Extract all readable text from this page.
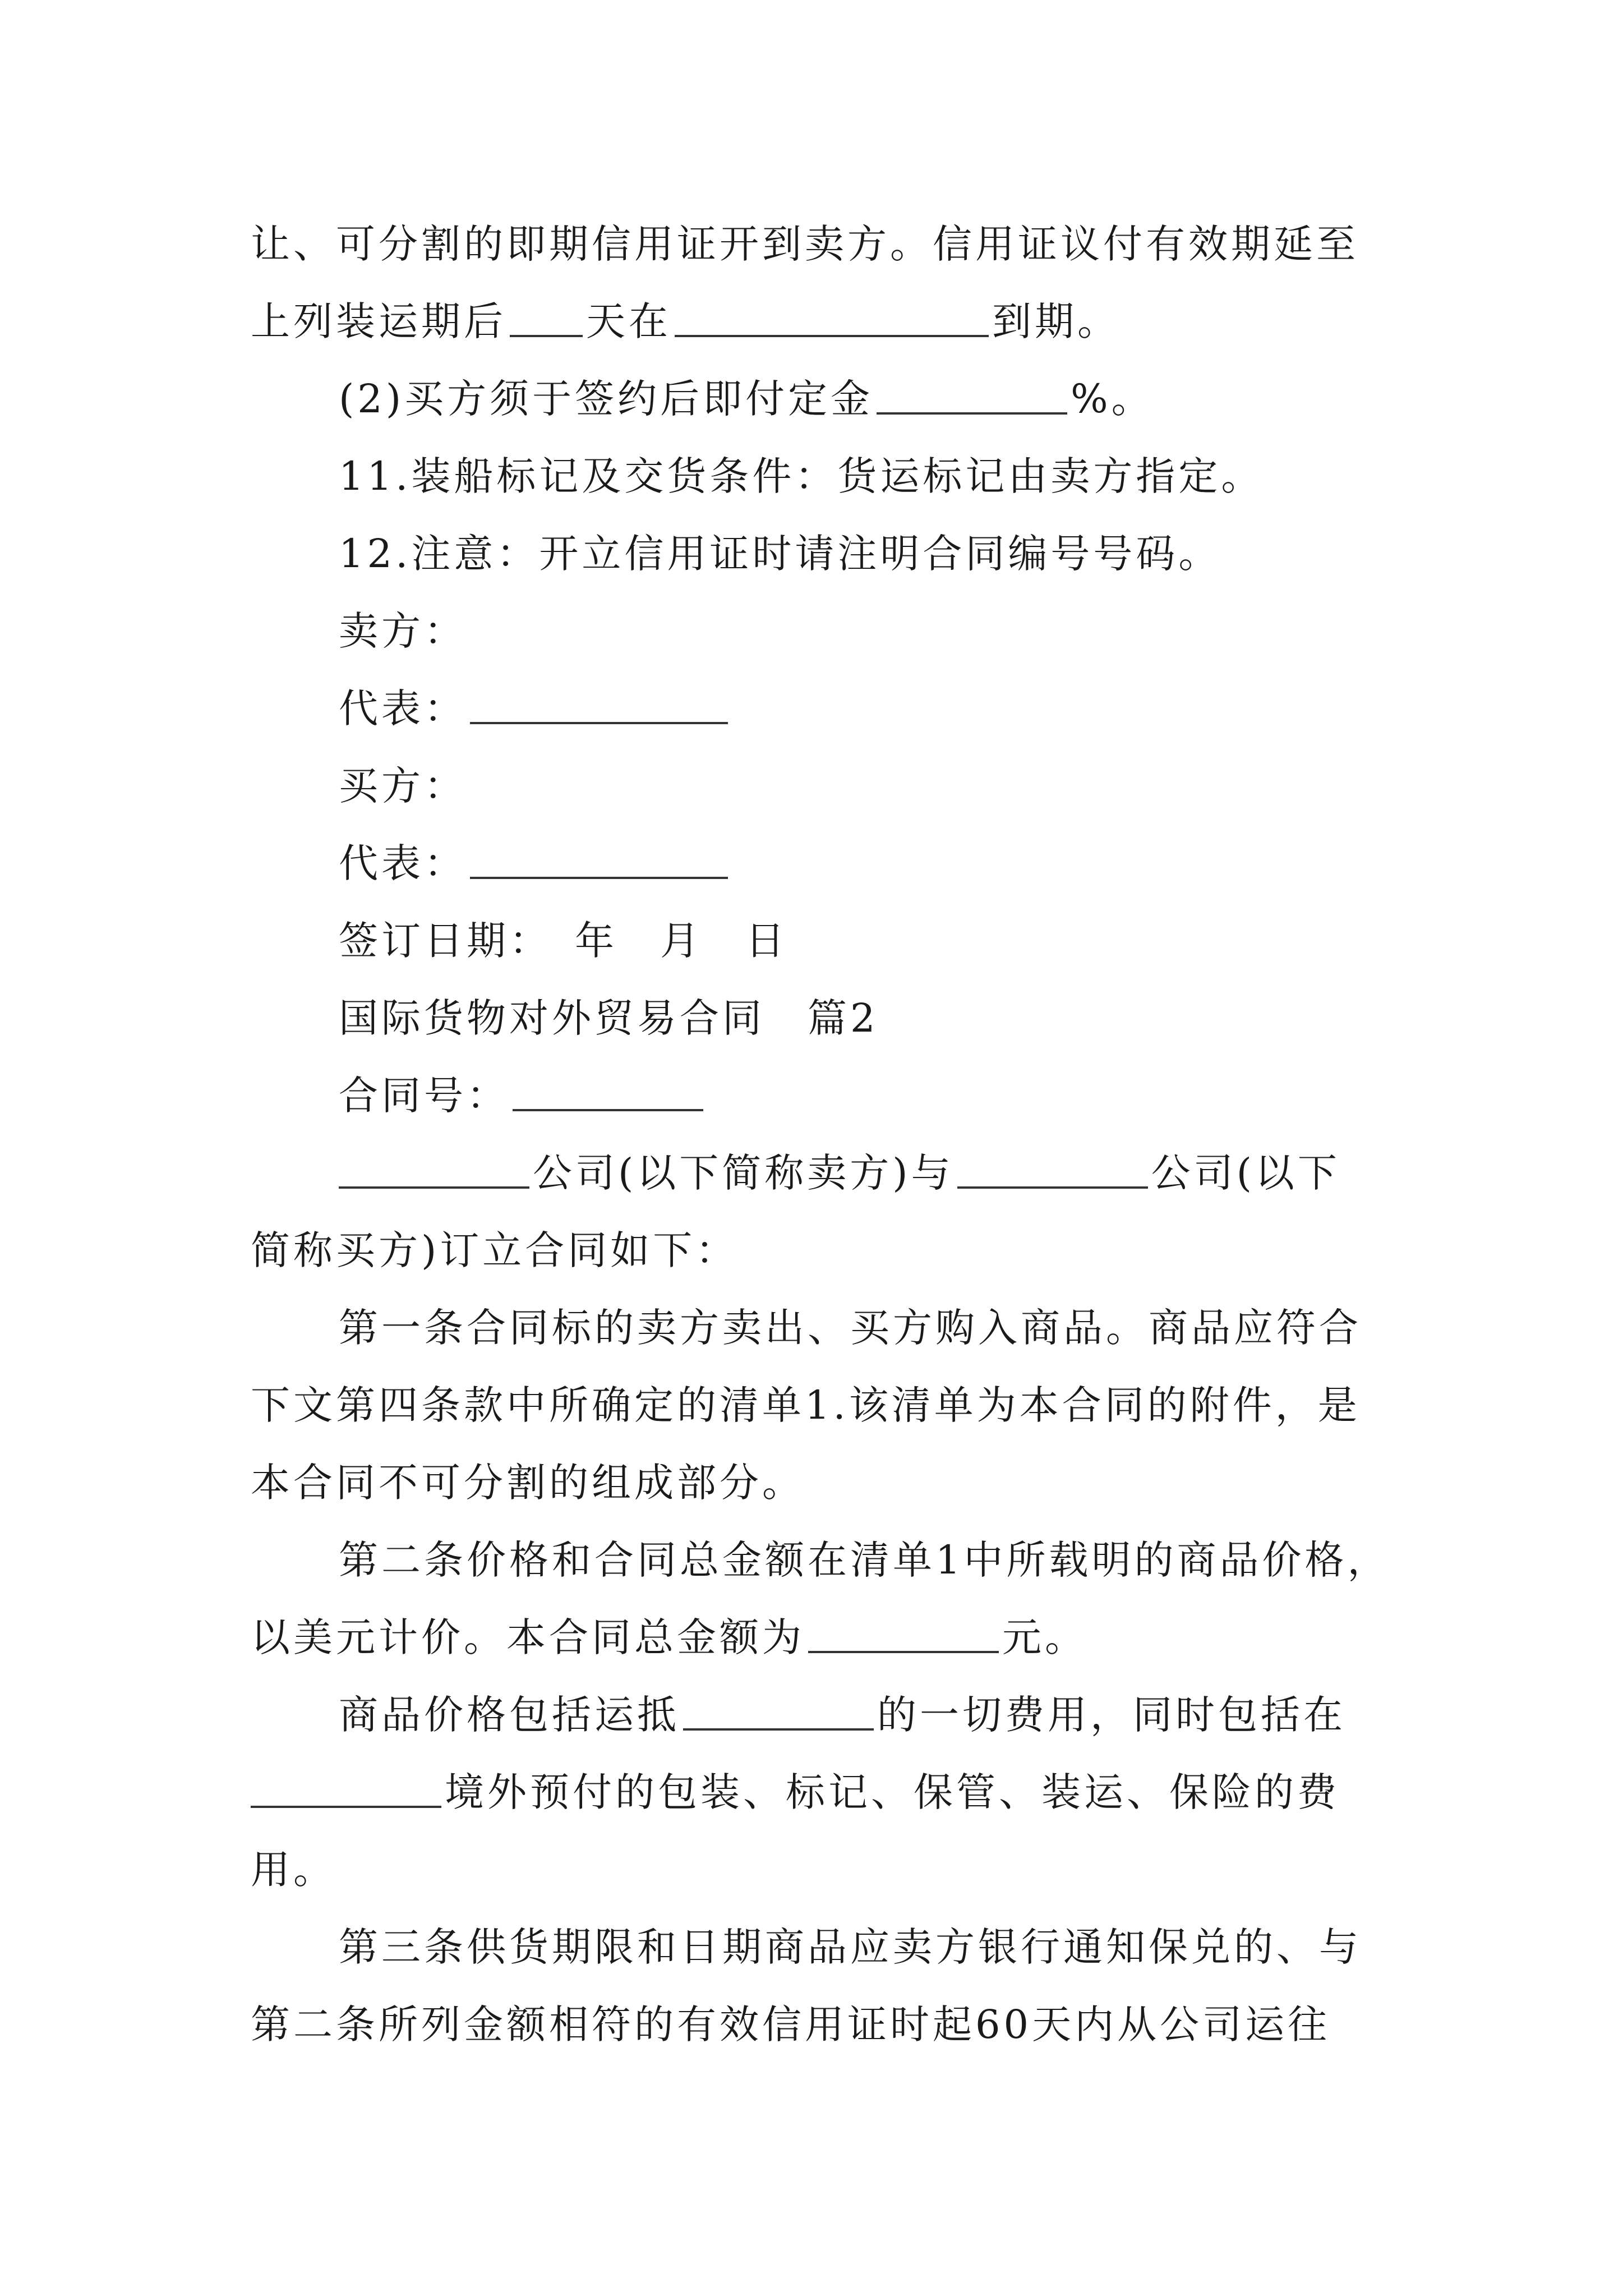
让、可分割的即期信用证开到卖方。信用证议付有效期延至
上列装运期后 天在	到期。
(2)买方须于签约后即付定金	%。
11.装船标记及交货条件：货运标记由卖方指定。
12.注意：开立信用证时请注明合同编号号码。
卖方：
代表：
买方：
代表：
签订日期：　年　月　日
国际货物对外贸易合同　篇2
合同号：
公司(以下简称卖方)与	公司(以下
简称买方)订立合同如下：
第一条合同标的卖方卖出、买方购入商品。商品应符合
下文第四条款中所确定的清单1.该清单为本合同的附件，是
本合同不可分割的组成部分。
第二条价格和合同总金额在清单1中所载明的商品价格，
以美元计价。本合同总金额为	元。
商品价格包括运抵	的一切费用，同时包括在
境外预付的包装、标记、保管、装运、保险的费
用。
第三条供货期限和日期商品应卖方银行通知保兑的、与
第二条所列金额相符的有效信用证时起60天内从公司运往
